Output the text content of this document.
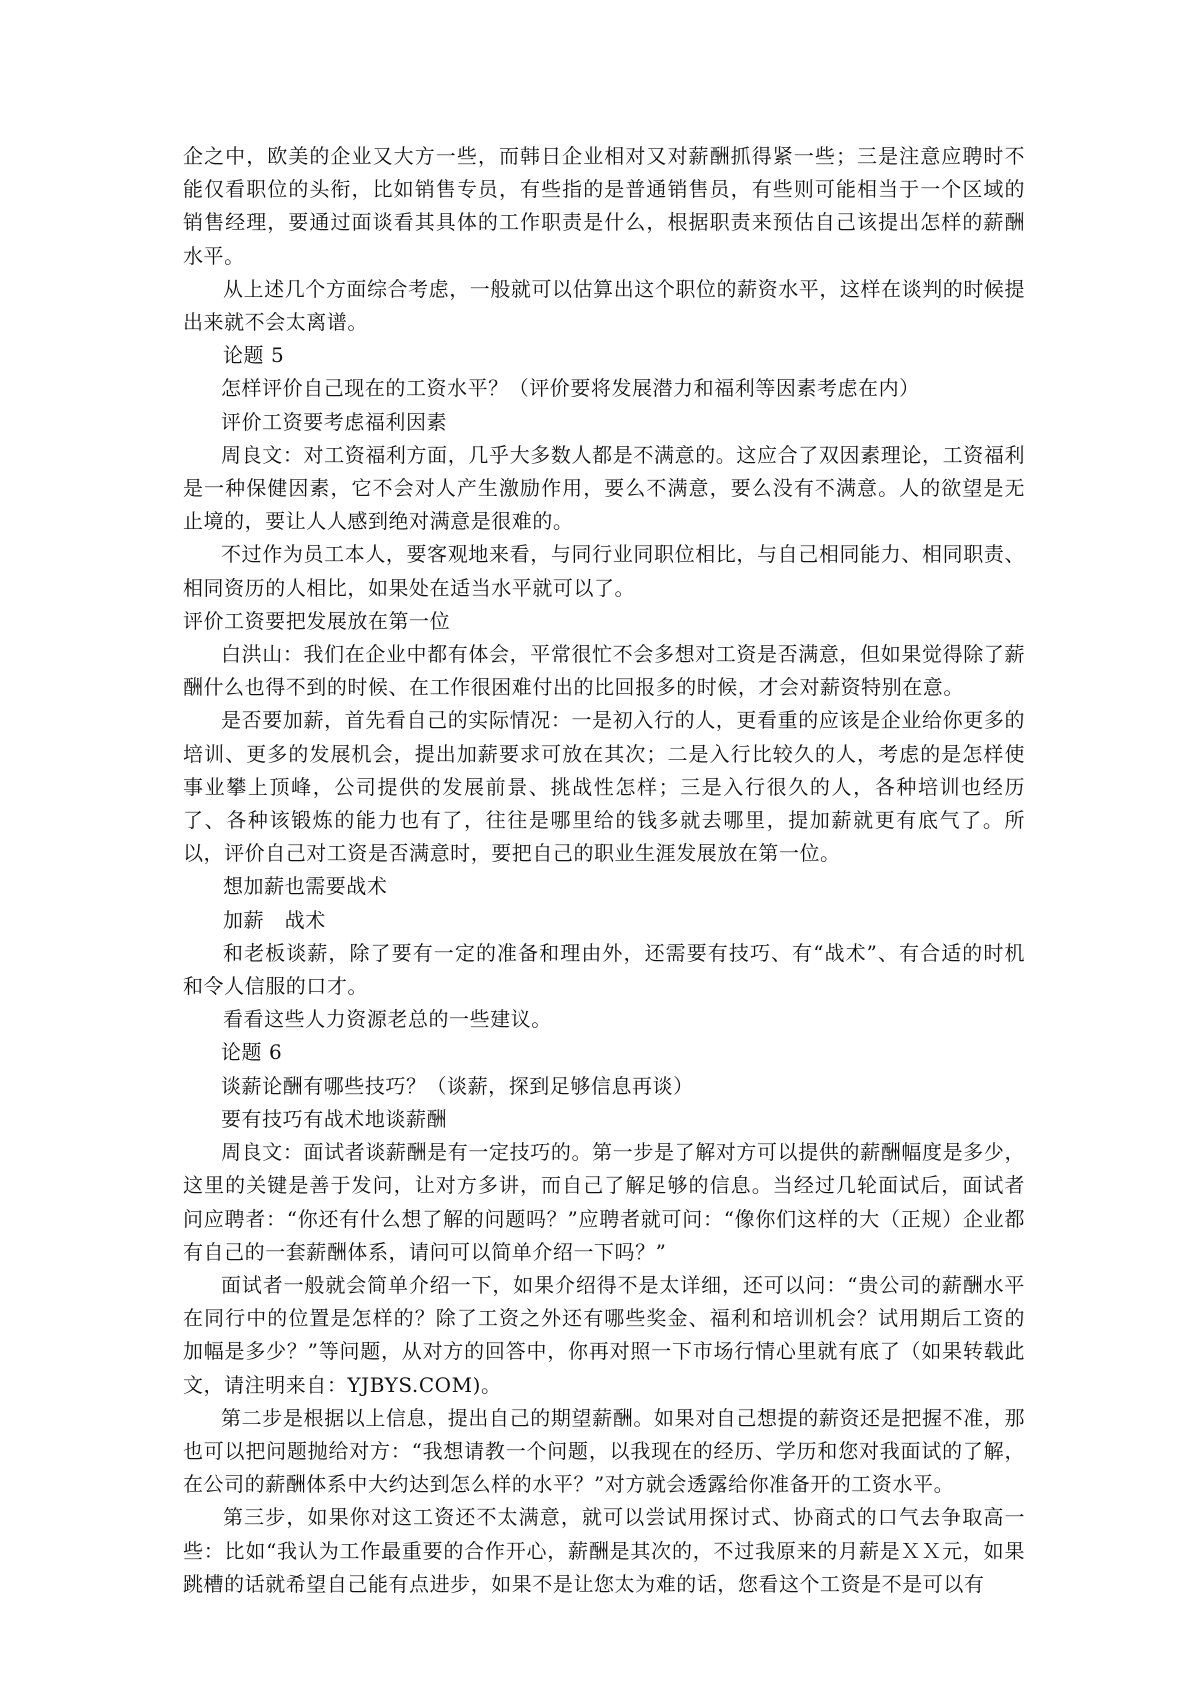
企之中，欧美的企业又大方一些，而韩日企业相对又对薪酬抓得紧一些；三是注意应聘时不能仅看职位的头衔，比如销售专员，有些指的是普通销售员，有些则可能相当于一个区域的销售经理，要通过面谈看其具体的工作职责是什么，根据职责来预估自己该提出怎样的薪酬水平。

从上述几个方面综合考虑，一般就可以估算出这个职位的薪资水平，这样在谈判的时候提出来就不会太离谱。

论题 5

怎样评价自己现在的工资水平？（评价要将发展潜力和福利等因素考虑在内）

评价工资要考虑福利因素

周良文：对工资福利方面，几乎大多数人都是不满意的。这应合了双因素理论，工资福利是一种保健因素，它不会对人产生激励作用，要么不满意，要么没有不满意。人的欲望是无止境的，要让人人感到绝对满意是很难的。

不过作为员工本人，要客观地来看，与同行业同职位相比，与自己相同能力、相同职责、相同资历的人相比，如果处在适当水平就可以了。

评价工资要把发展放在第一位

白洪山：我们在企业中都有体会，平常很忙不会多想对工资是否满意，但如果觉得除了薪酬什么也得不到的时候、在工作很困难付出的比回报多的时候，才会对薪资特别在意。

是否要加薪，首先看自己的实际情况：一是初入行的人，更看重的应该是企业给你更多的培训、更多的发展机会，提出加薪要求可放在其次；二是入行比较久的人，考虑的是怎样使事业攀上顶峰，公司提供的发展前景、挑战性怎样；三是入行很久的人，各种培训也经历了、各种该锻炼的能力也有了，往往是哪里给的钱多就去哪里，提加薪就更有底气了。所以，评价自己对工资是否满意时，要把自己的职业生涯发展放在第一位。

想加薪也需要战术

加薪　战术

和老板谈薪，除了要有一定的准备和理由外，还需要有技巧、有“战术”、有合适的时机和令人信服的口才。

看看这些人力资源老总的一些建议。

论题 6

谈薪论酬有哪些技巧？（谈薪，探到足够信息再谈）

要有技巧有战术地谈薪酬

周良文：面试者谈薪酬是有一定技巧的。第一步是了解对方可以提供的薪酬幅度是多少，这里的关键是善于发问，让对方多讲，而自己了解足够的信息。当经过几轮面试后，面试者问应聘者：“你还有什么想了解的问题吗？”应聘者就可问：“像你们这样的大（正规）企业都有自己的一套薪酬体系，请问可以简单介绍一下吗？”

面试者一般就会简单介绍一下，如果介绍得不是太详细，还可以问：“贵公司的薪酬水平在同行中的位置是怎样的？除了工资之外还有哪些奖金、福利和培训机会？试用期后工资的加幅是多少？”等问题，从对方的回答中，你再对照一下市场行情心里就有底了（如果转载此文，请注明来自：YJBYS.COM)。

第二步是根据以上信息，提出自己的期望薪酬。如果对自己想提的薪资还是把握不准，那也可以把问题抛给对方：“我想请教一个问题，以我现在的经历、学历和您对我面试的了解，在公司的薪酬体系中大约达到怎么样的水平？”对方就会透露给你准备开的工资水平。

第三步，如果你对这工资还不太满意，就可以尝试用探讨式、协商式的口气去争取高一些：比如“我认为工作最重要的合作开心，薪酬是其次的，不过我原来的月薪是ＸＸ元，如果跳槽的话就希望自己能有点进步，如果不是让您太为难的话，您看这个工资是不是可以有
